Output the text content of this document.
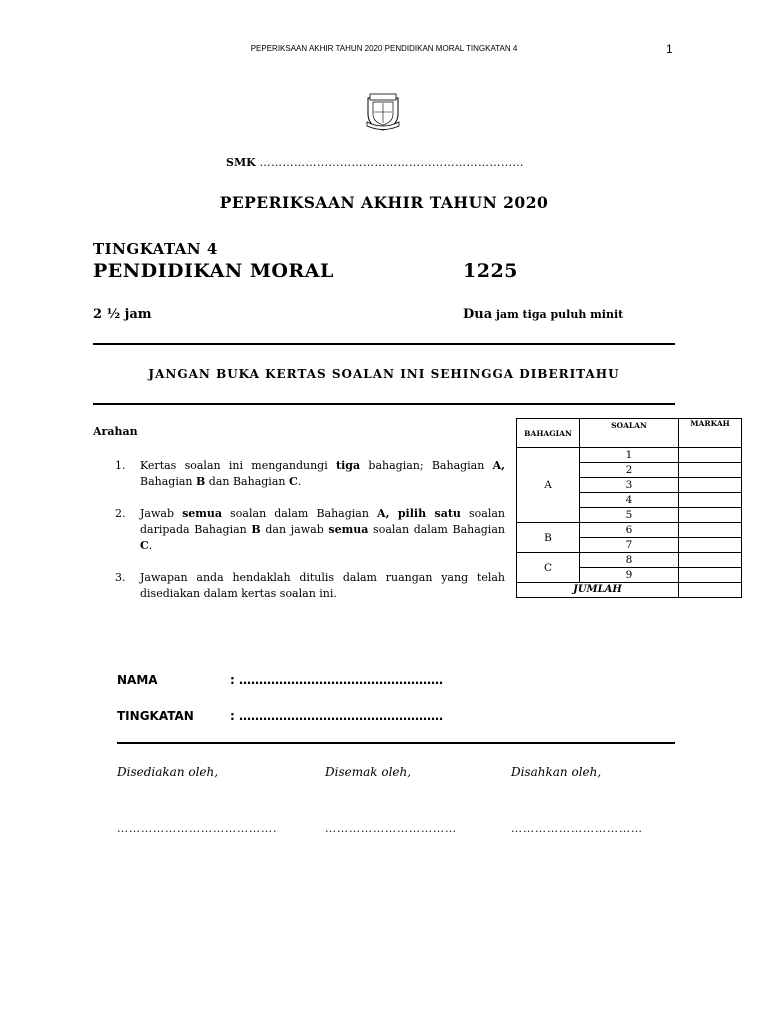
PEPERIKSAAN AKHIR TAHUN 2020 PENDIDIKAN MORAL TINGKATAN 4	1
SMK ……………………………………………………………
PEPERIKSAAN AKHIR TAHUN 2020
TINGKATAN 4
PENDIDIKAN MORAL	1225
2 ½ jam	Dua jam tiga puluh minit
JANGAN BUKA KERTAS SOALAN INI SEHINGGA DIBERITAHU
Arahan
1. Kertas soalan ini mengandungi tiga bahagian; Bahagian A, Bahagian B dan Bahagian C.
2. Jawab semua soalan dalam Bahagian A, pilih satu soalan daripada Bahagian B dan jawab semua soalan dalam Bahagian C.
3. Jawapan anda hendaklah ditulis dalam ruangan yang telah disediakan dalam kertas soalan ini.
BAHAGIAN	SOALAN	MARKAH
A	1	
	2	
	3	
	4	
	5	
B	6	
	7	
C	8	
	9	
JUMLAH		
NAMA	: ……………………………………………
TINGKATAN	: ……………………………………………
Disediakan oleh,	Disemak oleh,	Disahkan oleh,
………………………………….	……………………………	……………………………
